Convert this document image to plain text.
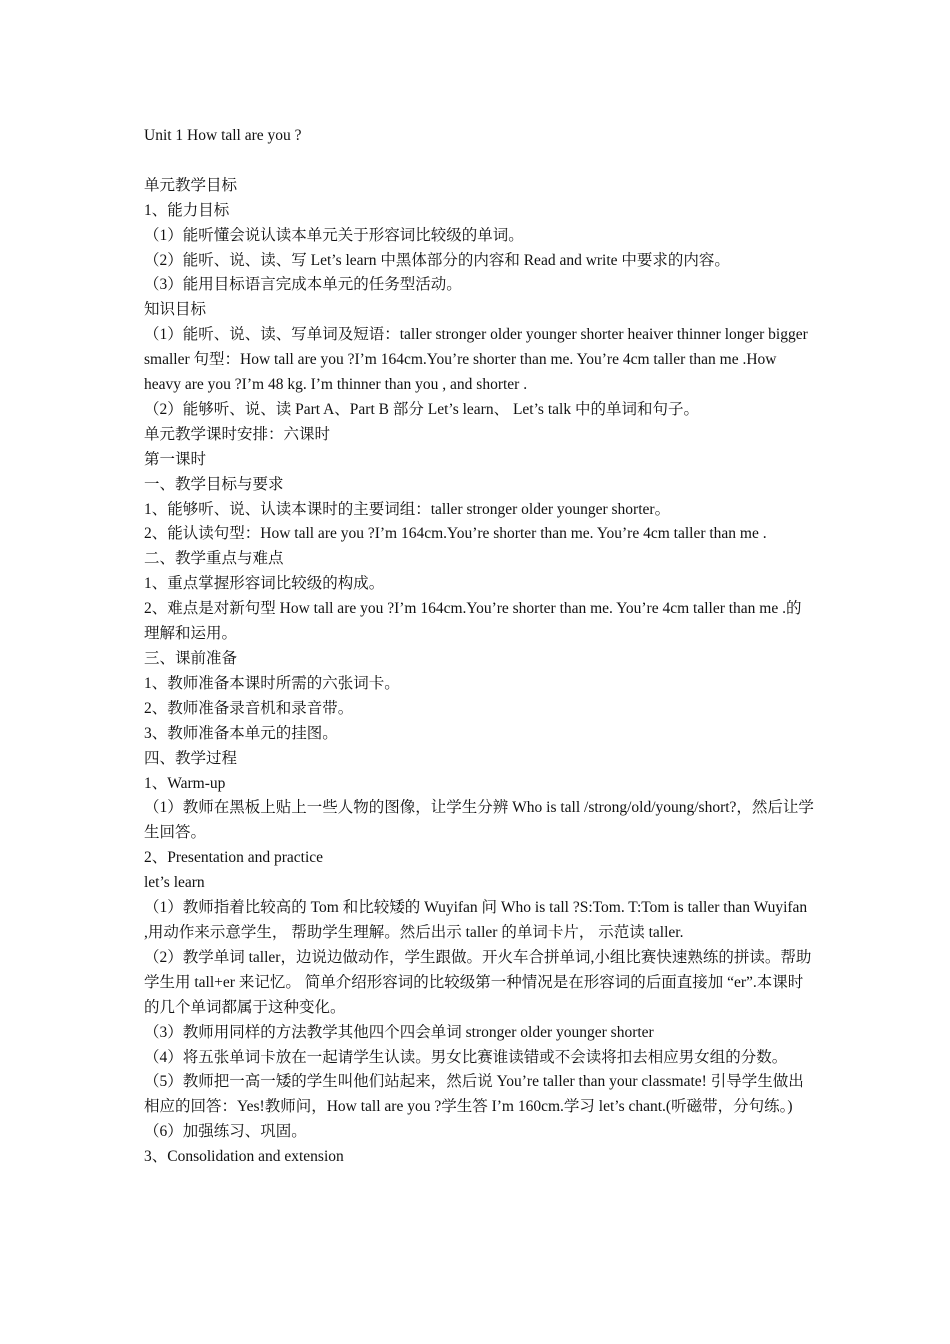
Unit 1 How tall are you ?

单元教学目标

1、能力目标

（1）能听懂会说认读本单元关于形容词比较级的单词。

（2）能听、说、读、写 Let’s learn 中黑体部分的内容和 Read and write 中要求的内容。

（3）能用目标语言完成本单元的任务型活动。

知识目标

（1）能听、说、读、写单词及短语：taller stronger older younger shorter heaiver thinner longer bigger smaller 句型：How tall are you ?I’m 164cm.You’re shorter than me. You’re 4cm taller than me .How heavy are you ?I’m 48 kg. I’m thinner than you , and shorter .

（2）能够听、说、读 Part A、Part B 部分 Let’s learn、 Let’s talk 中的单词和句子。

单元教学课时安排：六课时

第一课时

一、教学目标与要求

1、能够听、说、认读本课时的主要词组：taller stronger older younger shorter。

2、能认读句型：How tall are you ?I’m 164cm.You’re shorter than me. You’re 4cm taller than me .

二、教学重点与难点

1、重点掌握形容词比较级的构成。

2、难点是对新句型 How tall are you ?I’m 164cm.You’re shorter than me. You’re 4cm taller than me .的理解和运用。

三、课前准备

1、教师准备本课时所需的六张词卡。

2、教师准备录音机和录音带。

3、教师准备本单元的挂图。

四、教学过程

1、Warm-up

（1）教师在黑板上贴上一些人物的图像，让学生分辨 Who is tall /strong/old/young/short?，然后让学生回答。

2、Presentation and practice

let’s learn

（1）教师指着比较高的 Tom 和比较矮的 Wuyifan 问 Who is tall ?S:Tom. T:Tom is taller than Wuyifan ,用动作来示意学生， 帮助学生理解。然后出示 taller 的单词卡片， 示范读 taller.

（2）教学单词 taller，边说边做动作，学生跟做。开火车合拼单词,小组比赛快速熟练的拼读。帮助学生用 tall+er 来记忆。 简单介绍形容词的比较级第一种情况是在形容词的后面直接加 “er”.本课时的几个单词都属于这种变化。

（3）教师用同样的方法教学其他四个四会单词 stronger older younger shorter

（4）将五张单词卡放在一起请学生认读。男女比赛谁读错或不会读将扣去相应男女组的分数。

（5）教师把一高一矮的学生叫他们站起来，然后说 You’re taller than your classmate! 引导学生做出相应的回答：Yes!教师问，How tall are you ?学生答 I’m 160cm.学习 let’s chant.(听磁带，分句练。)

（6）加强练习、巩固。

3、Consolidation and extension
